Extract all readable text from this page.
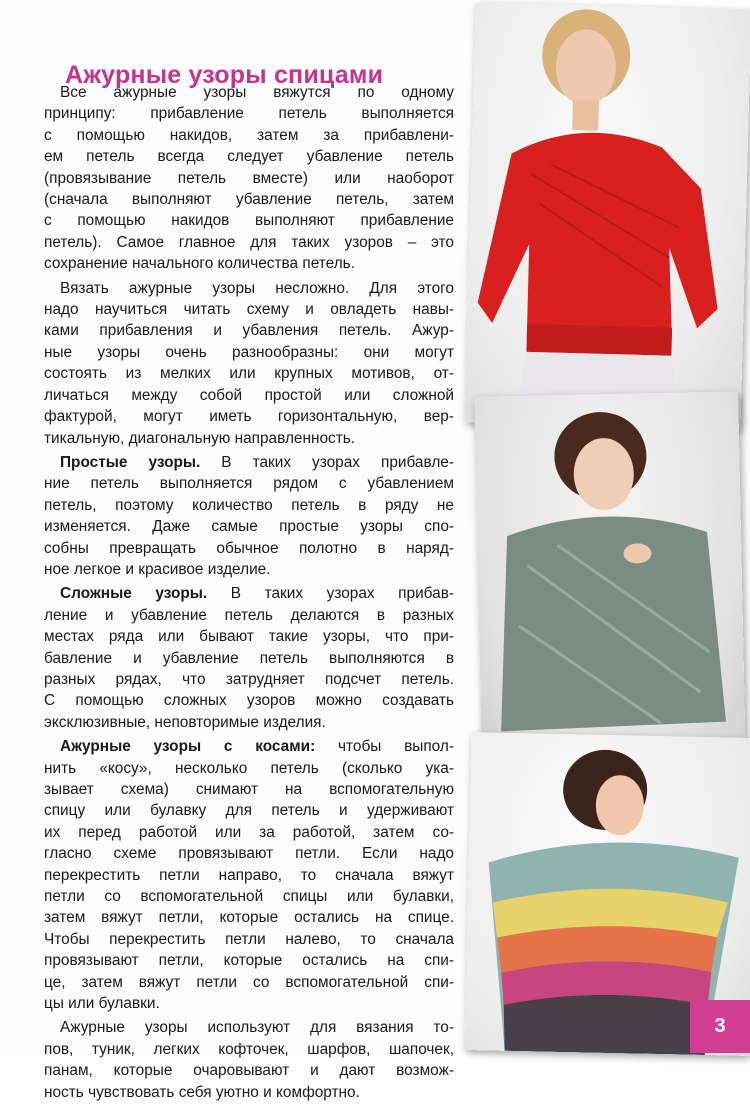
Ажурные узоры спицами

Все ажурные узоры вяжутся по одному
принципу: прибавление петель выполняется
с помощью накидов, затем за прибавлени-
ем петель всегда следует убавление петель
(провязывание петель вместе) или наоборот
(сначала выполняют убавление петель, затем
с помощью накидов выполняют прибавление
петель). Самое главное для таких узоров – это
сохранение начального количества петель.

Вязать ажурные узоры несложно. Для этого
надо научиться читать схему и овладеть навы-
ками прибавления и убавления петель. Ажур-
ные узоры очень разнообразны: они могут
состоять из мелких или крупных мотивов, от-
личаться между собой простой или сложной
фактурой, могут иметь горизонтальную, вер-
тикальную, диагональную направленность.

Простые узоры. В таких узорах прибавле-
ние петель выполняется рядом с убавлением
петель, поэтому количество петель в ряду не
изменяется. Даже самые простые узоры спо-
собны превращать обычное полотно в наряд-
ное легкое и красивое изделие.

Сложные узоры. В таких узорах прибав-
ление и убавление петель делаются в разных
местах ряда или бывают такие узоры, что при-
бавление и убавление петель выполняются в
разных рядах, что затрудняет подсчет петель.
С помощью сложных узоров можно создавать
эксклюзивные, неповторимые изделия.

Ажурные узоры с косами: чтобы выпол-
нить «косу», несколько петель (сколько ука-
зывает схема) снимают на вспомогательную
спицу или булавку для петель и удерживают
их перед работой или за работой, затем со-
гласно схеме провязывают петли. Если надо
перекрестить петли направо, то сначала вяжут
петли со вспомогательной спицы или булавки,
затем вяжут петли, которые остались на спице.
Чтобы перекрестить петли налево, то сначала
провязывают петли, которые остались на спи-
це, затем вяжут петли со вспомогательной спи-
цы или булавки.

Ажурные узоры используют для вязания то-
пов, туник, легких кофточек, шарфов, шапочек,
панам, которые очаровывают и дают возмож-
ность чувствовать себя уютно и комфортно.

3
